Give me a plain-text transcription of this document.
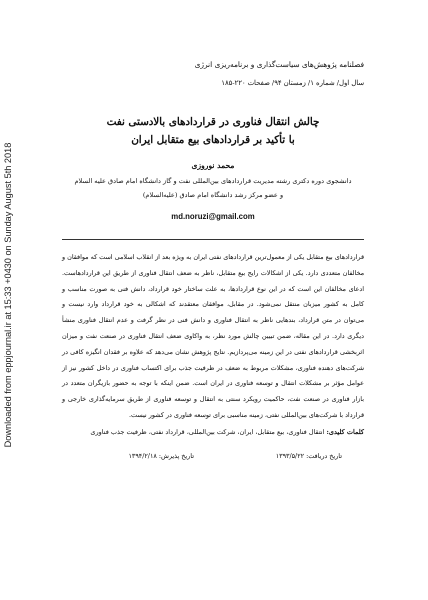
Downloaded from eppjournal.ir at 15:33 +0430 on Sunday August 5th 2018

فصلنامه پژوهش‌های سیاست‌گذاری و برنامه‌ریزی انرژی

سال اول/ شماره ۱/ زمستان ۹۴/ صفحات ۲۲۰-۱۸۵

چالش انتقال فناوری در قراردادهای بالادستی نفت

با تأکید بر قراردادهای بیع متقابل ایران

محمد نوروزی

دانشجوی دوره دکتری رشته مدیریت قراردادهای بین‌المللی نفت و گاز دانشگاه امام صادق علیه السلام

و عضو مرکز رشد دانشگاه امام صادق (علیه‌السلام)

md.noruzi@gmail.com

قراردادهای بیع متقابل یکی از معمول‌ترین قراردادهای نفتی ایران به ویژه بعد از انقلاب اسلامی است که موافقان و مخالفان متعددی دارد. یکی از اشکالات رایج بیع متقابل، ناظر به ضعف انتقال فناوری از طریق این قراردادهاست. ادعای مخالفان این است که در این نوع قراردادها، به علت ساختار خود قرارداد، دانش فنی به صورت مناسب و کامل به کشور میزبان منتقل نمی‌شود. در مقابل، موافقان معتقدند که اشکالی به خود قرارداد وارد نیست و می‌توان در متن قرارداد، بندهایی ناظر به انتقال فناوری و دانش فنی در نظر گرفت و عدم انتقال فناوری منشأ دیگری دارد. در این مقاله، ضمن تبیین چالش مورد نظر، به واکاوی ضعف انتقال فناوری در صنعت نفت و میزان اثربخشی قراردادهای نفتی در این زمینه می‌پردازیم. نتایج پژوهش نشان می‌دهد که علاوه بر فقدان انگیزه کافی در شرکت‌های دهنده فناوری، مشکلات مربوط به ضعف در ظرفیت جذب برای اکتساب فناوری در داخل کشور نیز از عوامل مؤثر بر مشکلات انتقال و توسعه فناوری در ایران است. ضمن اینکه با توجه به حضور بازیگران متعدد در بازار فناوری در صنعت نفت، حاکمیت رویکرد سنتی به انتقال و توسعه فناوری از طریق سرمایه‌گذاری خارجی و قرارداد با شرکت‌های بین‌المللی نفتی، زمینه مناسبی برای توسعه فناوری در کشور نیست.

کلمات کلیدی: انتقال فناوری، بیع متقابل، ایران، شرکت بین‌المللی، قرارداد نفتی، ظرفیت جذب فناوری

تاریخ دریافت: ۱۳۹۳/۵/۲۲
تاریخ پذیرش: ۱۳۹۴/۲/۱۸
